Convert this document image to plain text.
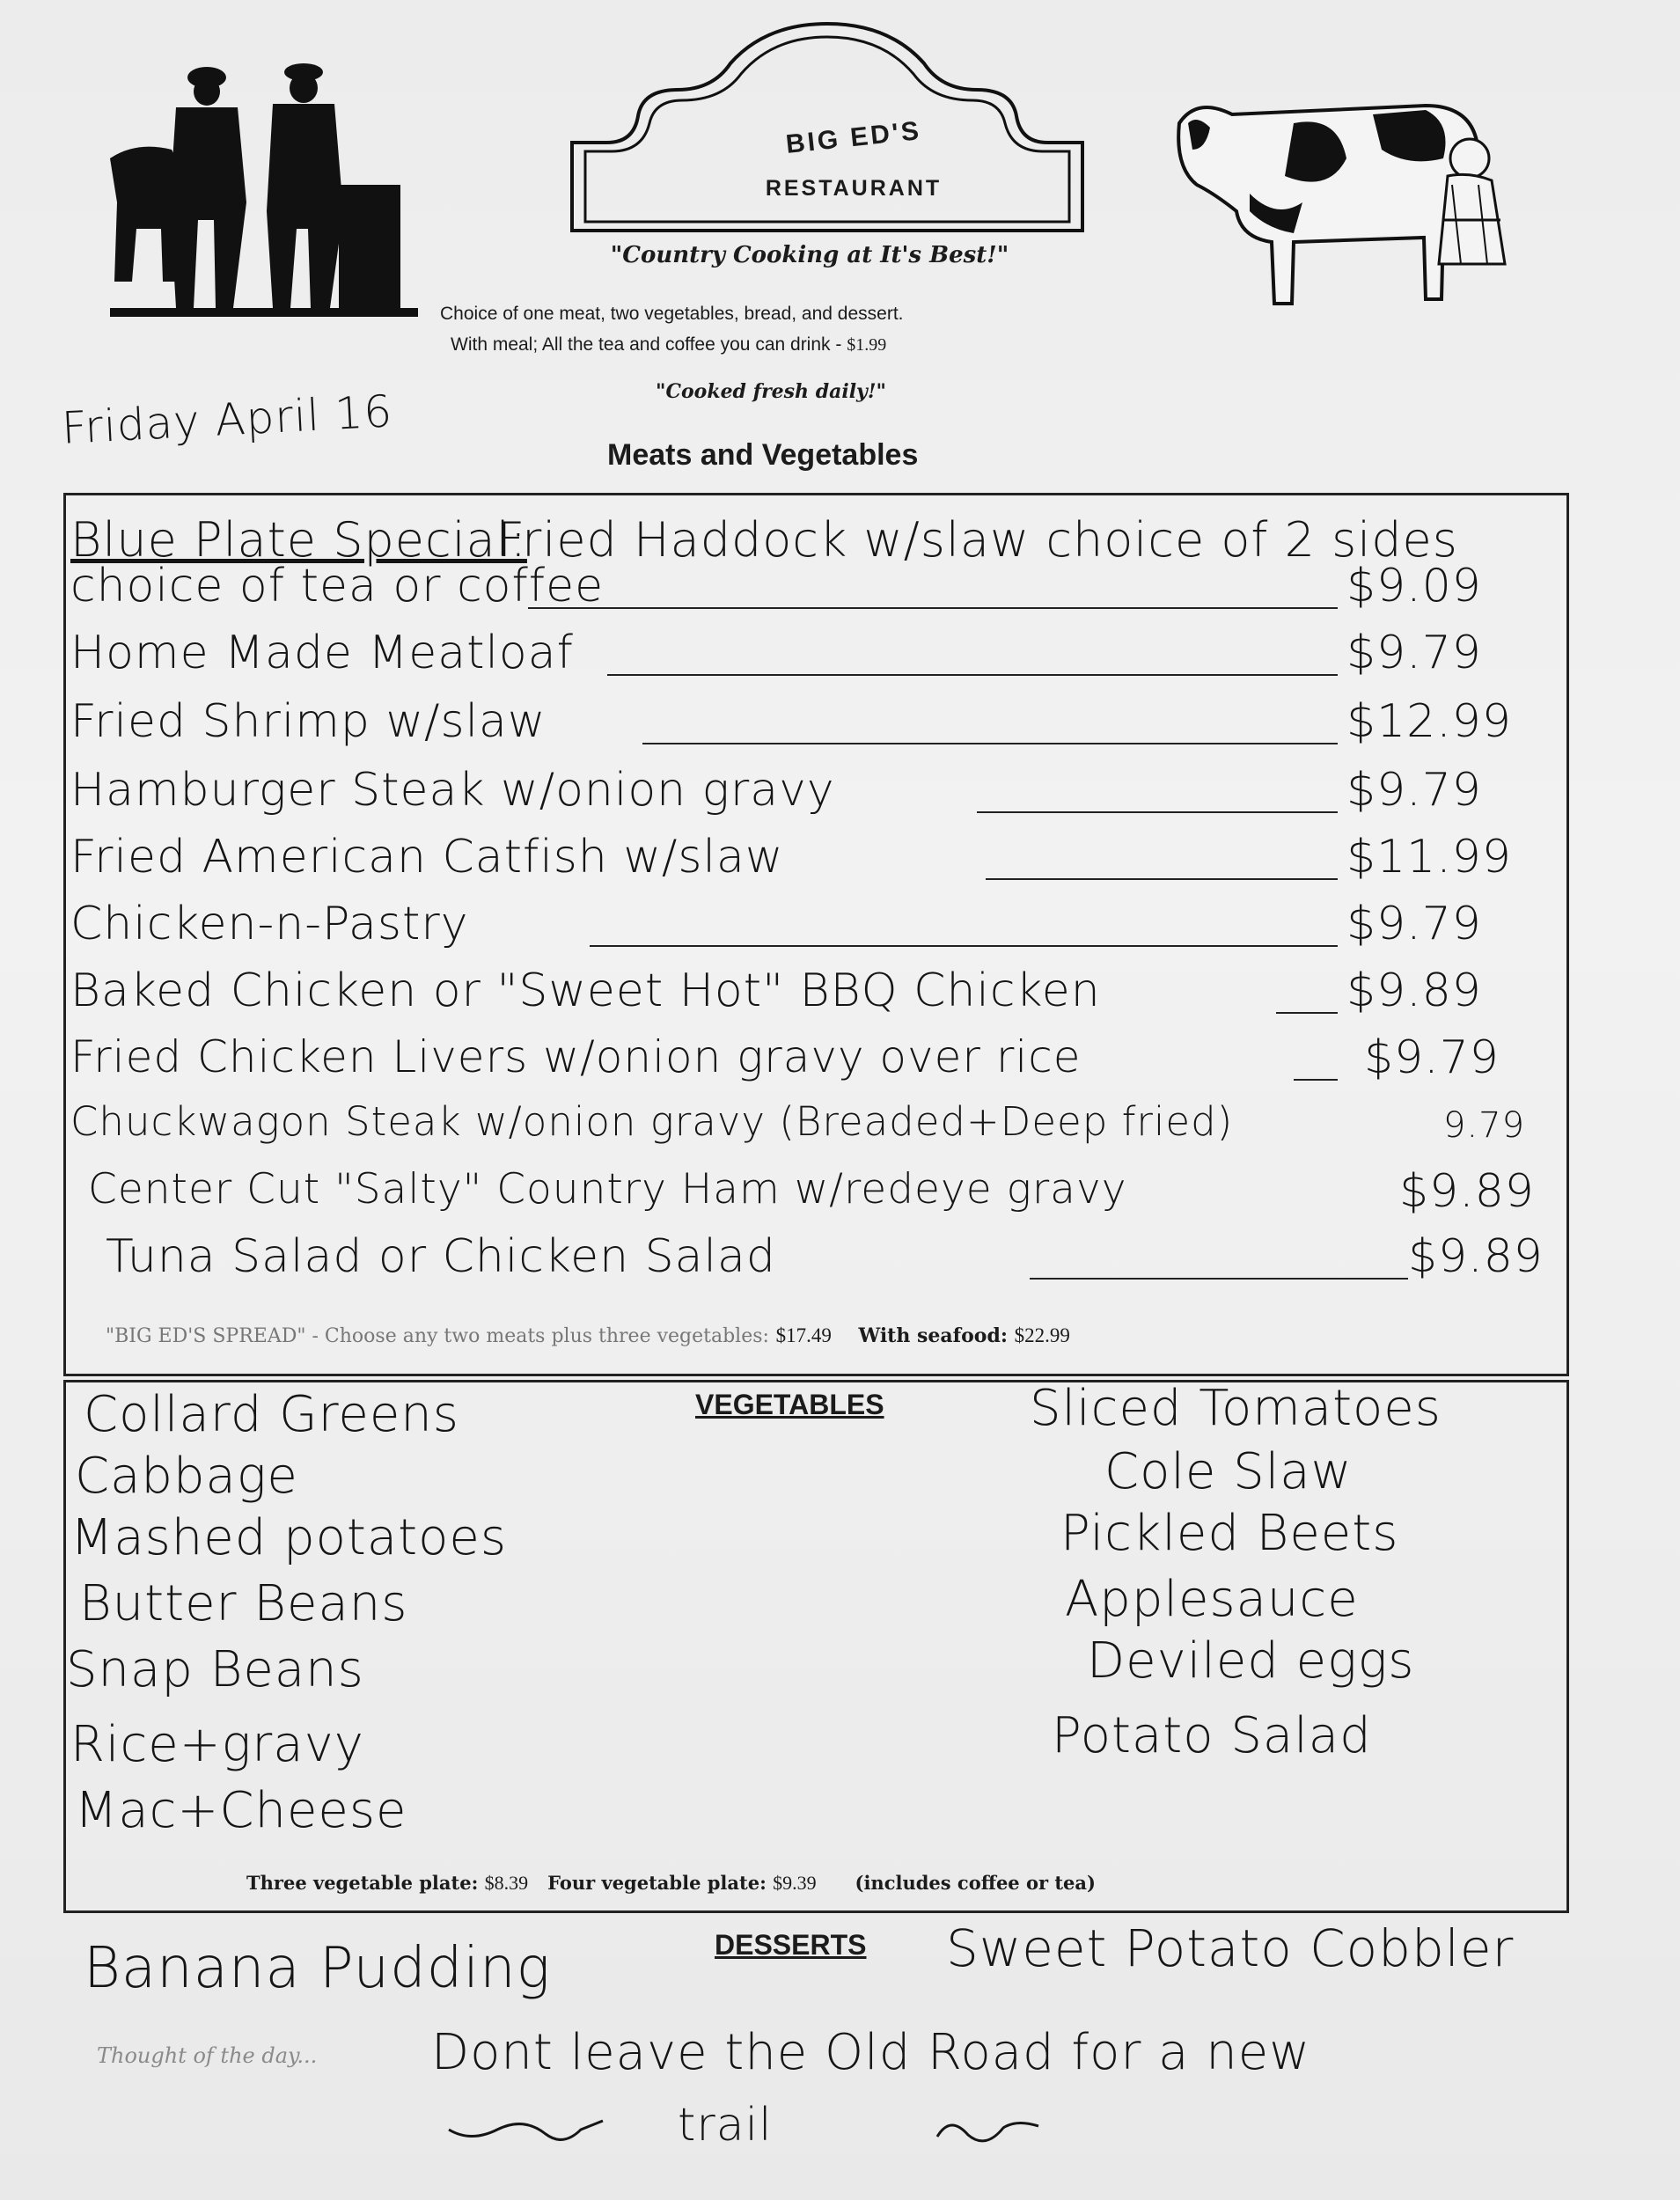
BIG ED'S
RESTAURANT
"Country Cooking at It's Best!"
Choice of one meat, two vegetables, bread, and dessert.
With meal; All the tea and coffee you can drink - $1.99
"Cooked fresh daily!"
Friday April 16
Meats and Vegetables
Blue Plate Special:
Fried Haddock w/slaw choice of 2 sides
choice of tea or coffee	$9.09
Home Made Meatloaf	$9.79
Fried Shrimp w/slaw	$12.99
Hamburger Steak w/onion gravy	$9.79
Fried American Catfish w/slaw	$11.99
Chicken-n-Pastry	$9.79
Baked Chicken or "Sweet Hot" BBQ Chicken	$9.89
Fried Chicken Livers w/onion gravy over rice	$9.79
Chuckwagon Steak w/onion gravy (Breaded+Deep fried)	9.79
Center Cut "Salty" Country Ham w/redeye gravy	$9.89
Tuna Salad or Chicken Salad	$9.89
"BIG ED'S SPREAD" - Choose any two meats plus three vegetables: $17.49 With seafood: $22.99
VEGETABLES
Collard Greens
Cabbage
Mashed potatoes
Butter Beans
Snap Beans
Rice+gravy
Mac+Cheese
Sliced Tomatoes
Cole Slaw
Pickled Beets
Applesauce
Deviled eggs
Potato Salad
Three vegetable plate: $8.39 Four vegetable plate: $9.39 (includes coffee or tea)
Banana Pudding	DESSERTS Sweet Potato Cobbler
Thought of the day... Dont leave the Old Road for a new
trail
